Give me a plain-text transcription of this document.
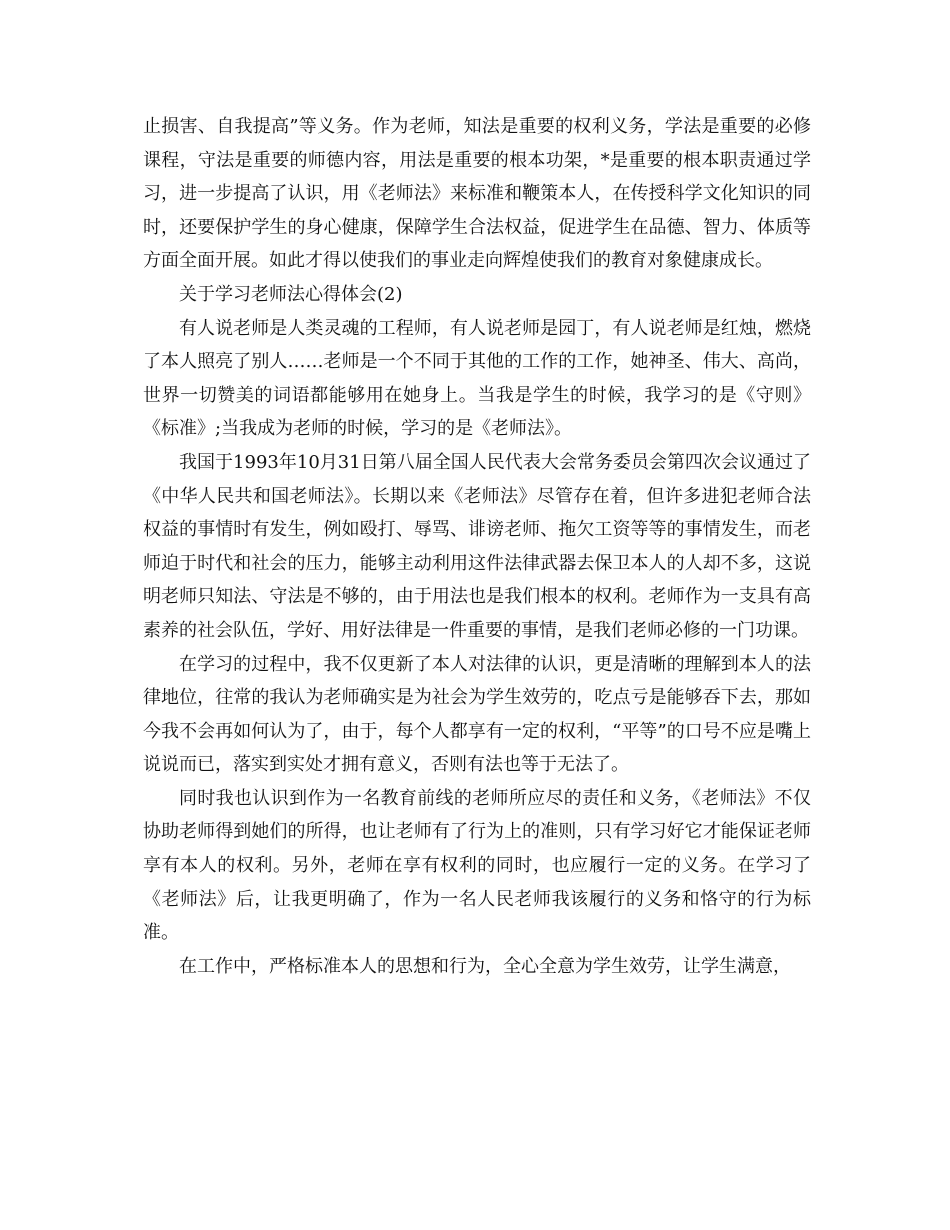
止损害、自我提高”等义务。作为老师，知法是重要的权利义务，学法是重要的必修课程，守法是重要的师德内容，用法是重要的根本功架，*是重要的根本职责通过学习，进一步提高了认识，用《老师法》来标准和鞭策本人，在传授科学文化知识的同时，还要保护学生的身心健康，保障学生合法权益，促进学生在品德、智力、体质等方面全面开展。如此才得以使我们的事业走向辉煌使我们的教育对象健康成长。

关于学习老师法心得体会(2)

有人说老师是人类灵魂的工程师，有人说老师是园丁，有人说老师是红烛，燃烧了本人照亮了别人……老师是一个不同于其他的工作的工作，她神圣、伟大、高尚，世界一切赞美的词语都能够用在她身上。当我是学生的时候，我学习的是《守则》《标准》;当我成为老师的时候，学习的是《老师法》。

我国于1993年10月31日第八届全国人民代表大会常务委员会第四次会议通过了《中华人民共和国老师法》。长期以来《老师法》尽管存在着，但许多进犯老师合法权益的事情时有发生，例如殴打、辱骂、诽谤老师、拖欠工资等等的事情发生，而老师迫于时代和社会的压力，能够主动利用这件法律武器去保卫本人的人却不多，这说明老师只知法、守法是不够的，由于用法也是我们根本的权利。老师作为一支具有高素养的社会队伍，学好、用好法律是一件重要的事情，是我们老师必修的一门功课。

在学习的过程中，我不仅更新了本人对法律的认识，更是清晰的理解到本人的法律地位，往常的我认为老师确实是为社会为学生效劳的，吃点亏是能够吞下去，那如今我不会再如何认为了，由于，每个人都享有一定的权利，“平等”的口号不应是嘴上说说而已，落实到实处才拥有意义，否则有法也等于无法了。

同时我也认识到作为一名教育前线的老师所应尽的责任和义务，《老师法》不仅协助老师得到她们的所得，也让老师有了行为上的准则，只有学习好它才能保证老师享有本人的权利。另外，老师在享有权利的同时，也应履行一定的义务。在学习了《老师法》后，让我更明确了，作为一名人民老师我该履行的义务和恪守的行为标准。

在工作中，严格标准本人的思想和行为，全心全意为学生效劳，让学生满意，
